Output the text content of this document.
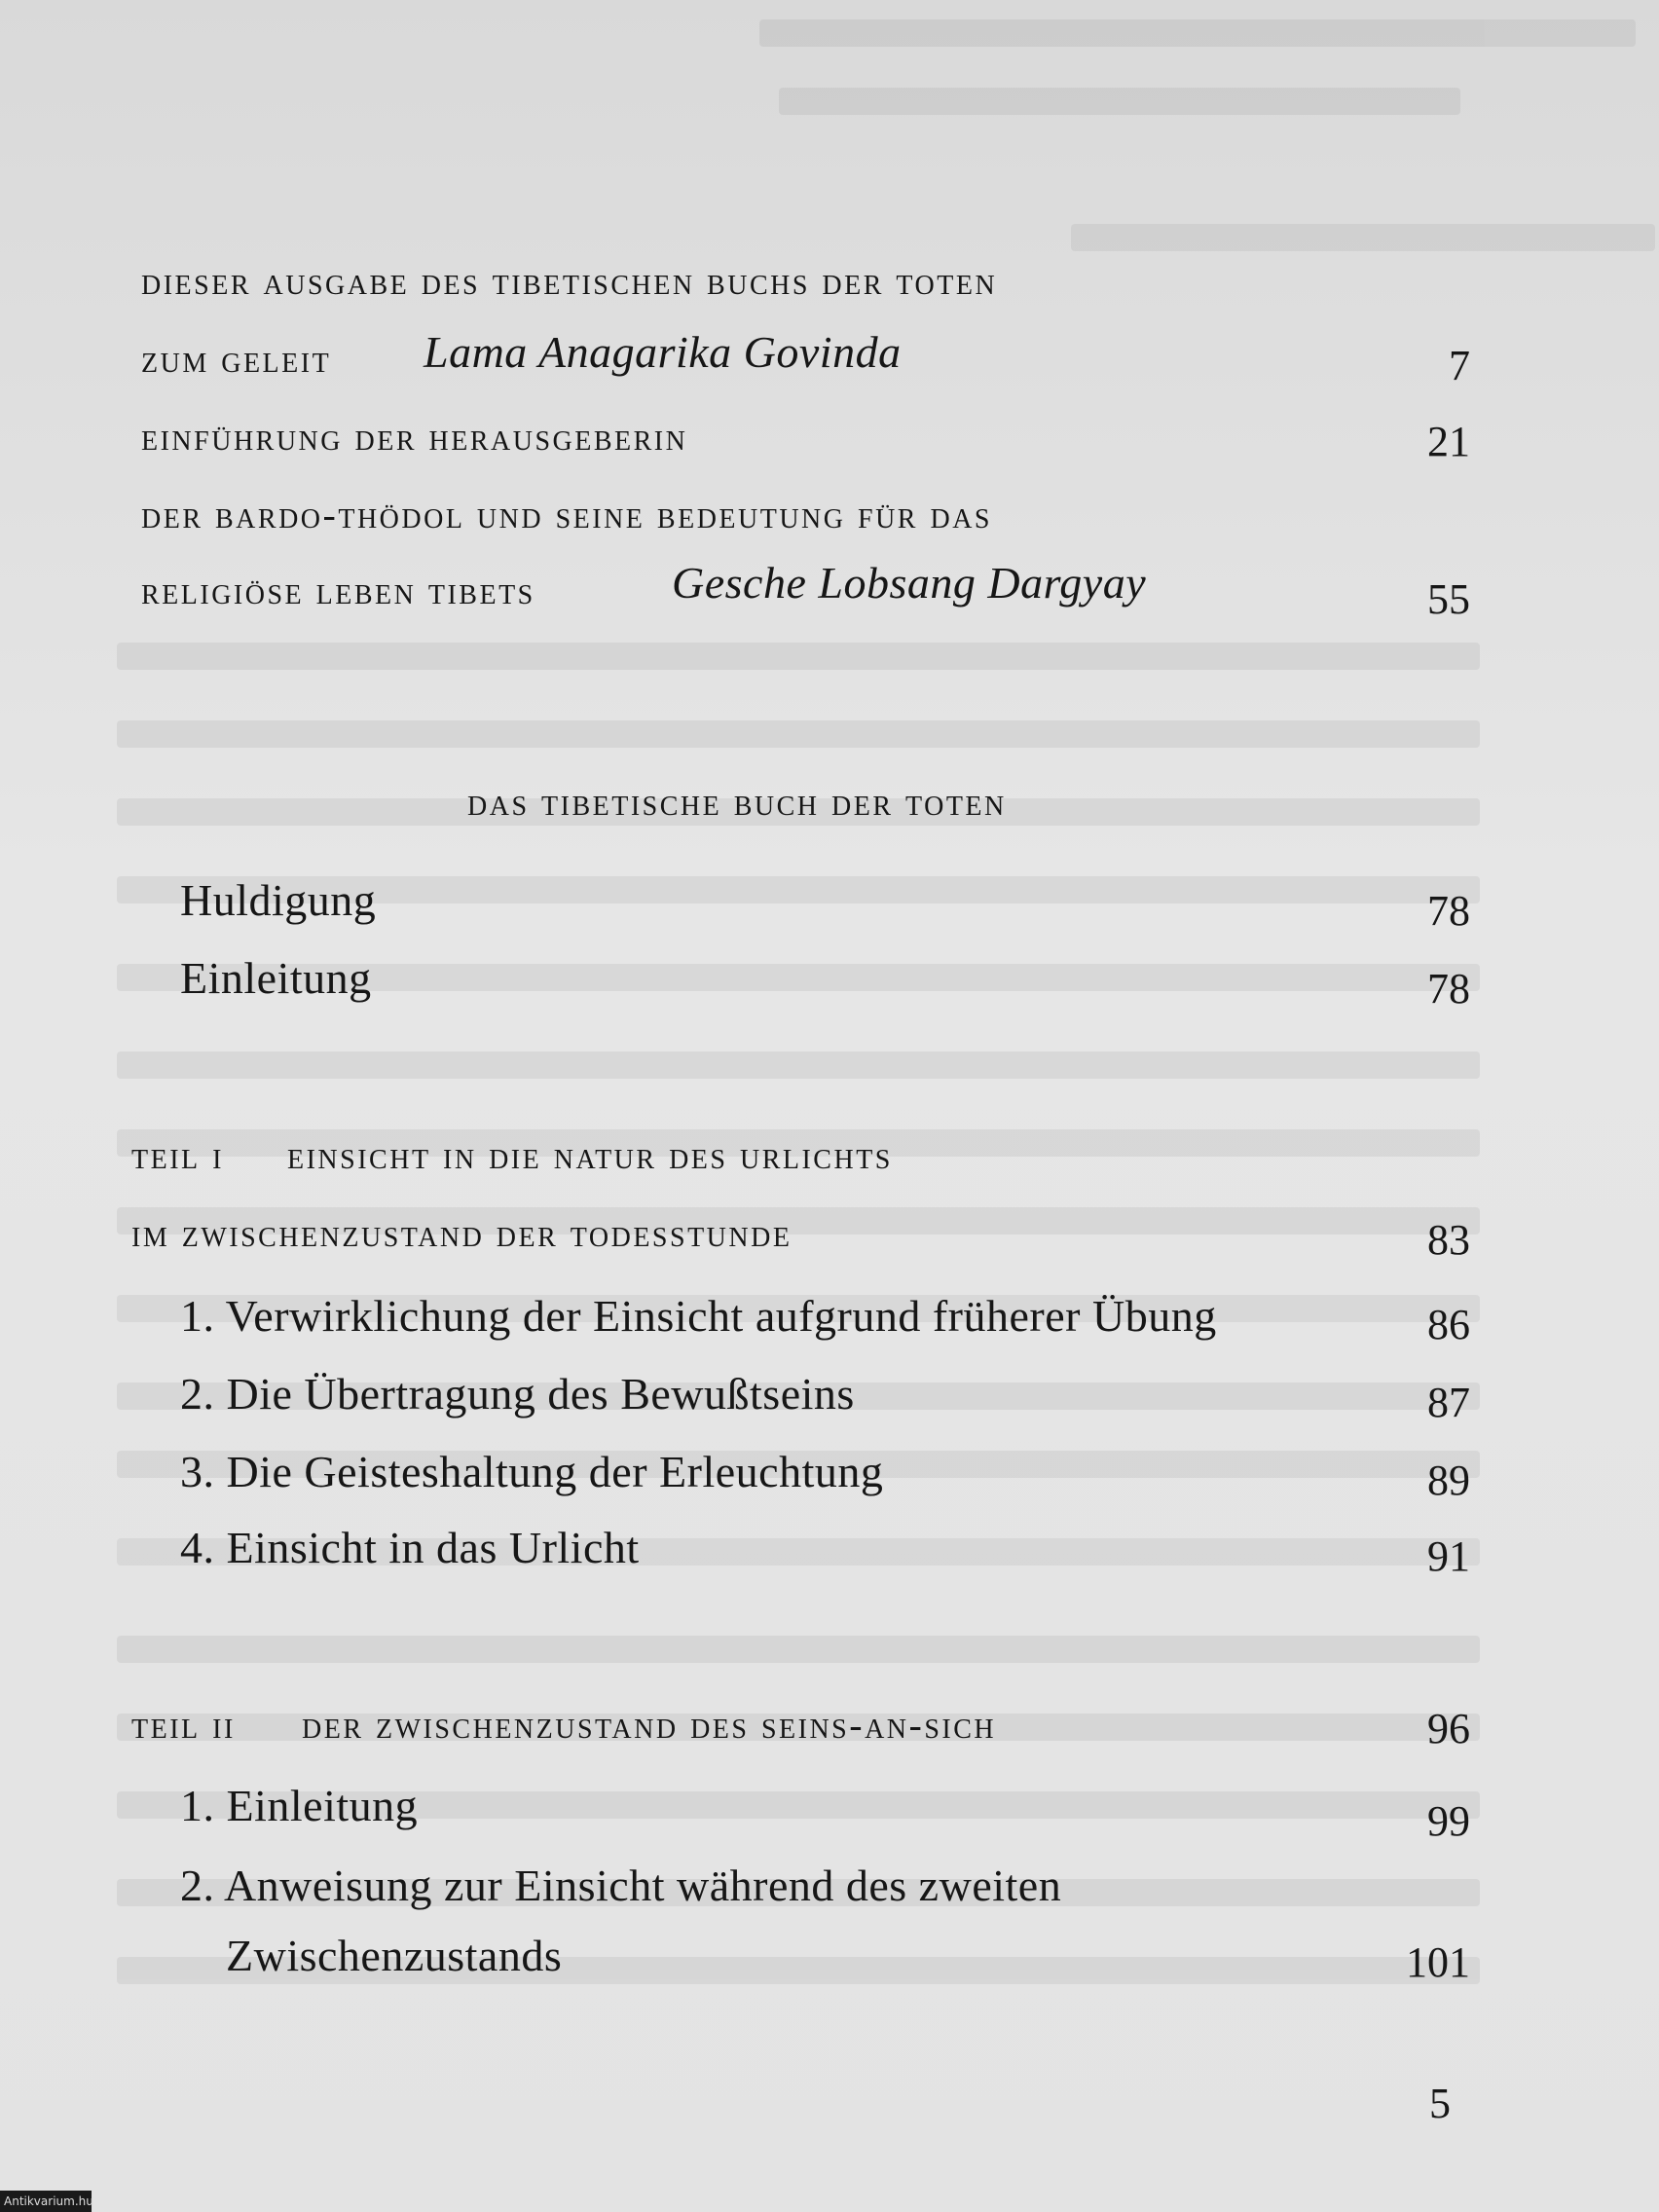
dieser ausgabe des tibetischen buchs der toten
zum geleit Lama Anagarika Govinda	7
einführung der herausgeberin	21
der bardo-thödol und seine bedeutung für das
religiöse leben tibets	Gesche Lobsang Dargyay	55
das tibetische buch der toten
Huldigung	78
Einleitung	78
teil i einsicht in die natur des urlichts
im zwischenzustand der todesstunde	83
1. Verwirklichung der Einsicht aufgrund früherer Übung	86
2. Die Übertragung des Bewußtseins	87
3. Die Geisteshaltung der Erleuchtung	89
4. Einsicht in das Urlicht	91
teil ii der zwischenzustand des seins-an-sich	96
1. Einleitung	99
2. Anweisung zur Einsicht während des zweiten
Zwischenzustands	101
5
Antikvarium.hu
